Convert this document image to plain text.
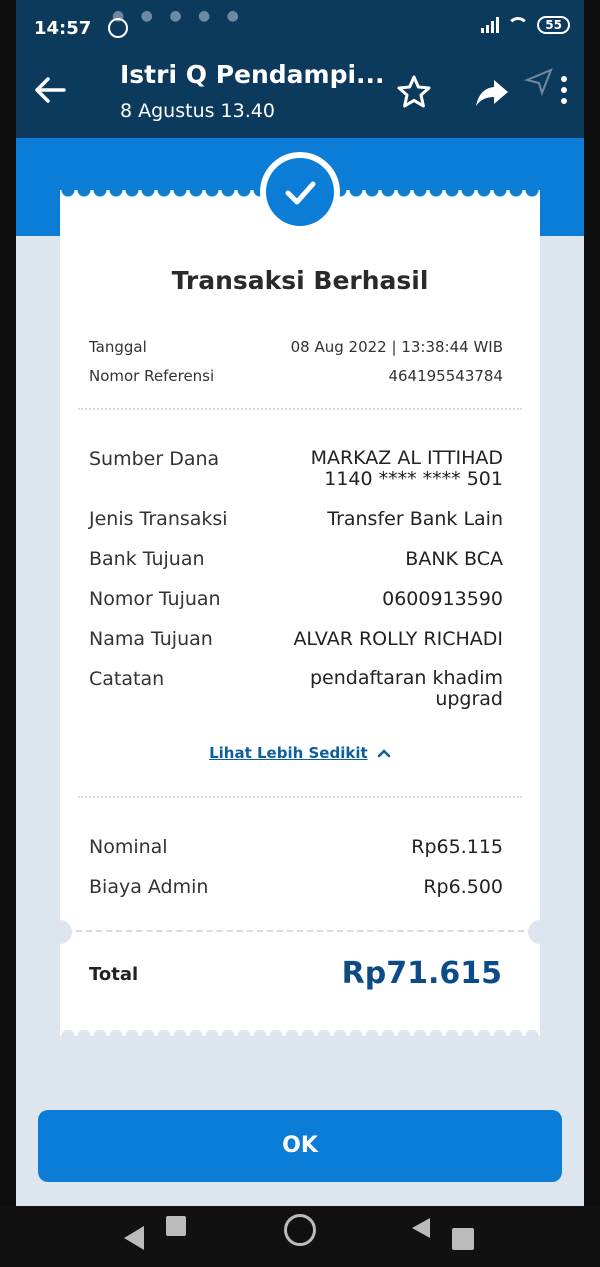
● ● ● ● ●
14:57	55
Istri Q Pendampi...
8 Agustus 13.40
Transaksi Berhasil
Tanggal	08 Aug 2022 | 13:38:44 WIB
Nomor Referensi	464195543784
Sumber Dana	MARKAZ AL ITTIHAD
1140 **** **** 501
Jenis Transaksi	Transfer Bank Lain
Bank Tujuan	BANK BCA
Nomor Tujuan	0600913590
Nama Tujuan	ALVAR ROLLY RICHADI
Catatan	pendaftaran khadim
upgrad
Lihat Lebih Sedikit
Nominal	Rp65.115
Biaya Admin	Rp6.500
Total	Rp71.615
OK
